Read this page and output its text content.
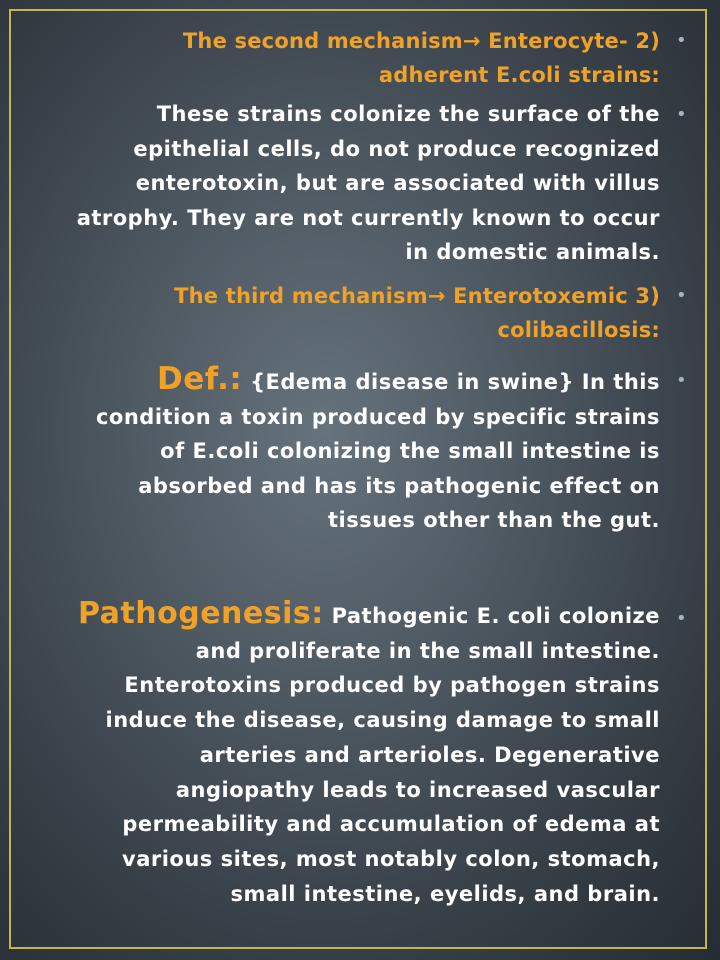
•
The second mechanism→ Enterocyte- 2)
adherent E.coli strains:
•
These strains colonize the surface of the
epithelial cells, do not produce recognized
enterotoxin, but are associated with villus
atrophy. They are not currently known to occur
in domestic animals.
•
The third mechanism→ Enterotoxemic 3)
colibacillosis:
•
Def.: {Edema disease in swine} In this
condition a toxin produced by specific strains
of E.coli colonizing the small intestine is
absorbed and has its pathogenic effect on
tissues other than the gut.
•
Pathogenesis: Pathogenic E. coli colonize
and proliferate in the small intestine.
Enterotoxins produced by pathogen strains
induce the disease, causing damage to small
arteries and arterioles. Degenerative
angiopathy leads to increased vascular
permeability and accumulation of edema at
various sites, most notably colon, stomach,
small intestine, eyelids, and brain.
